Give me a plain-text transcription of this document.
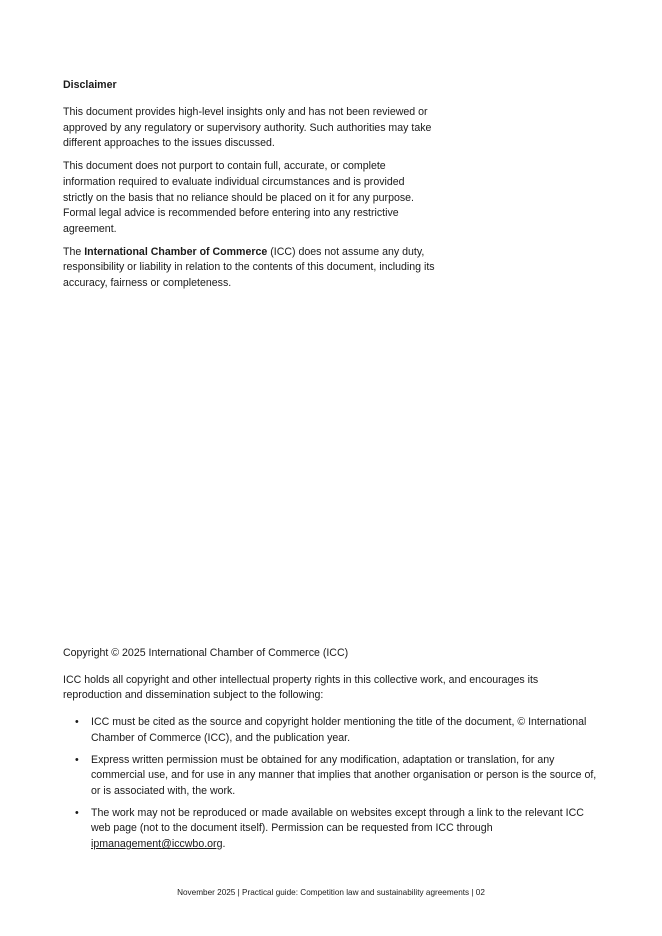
Disclaimer

This document provides high-level insights only and has not been reviewed or approved by any regulatory or supervisory authority. Such authorities may take different approaches to the issues discussed.

This document does not purport to contain full, accurate, or complete information required to evaluate individual circumstances and is provided strictly on the basis that no reliance should be placed on it for any purpose. Formal legal advice is recommended before entering into any restrictive agreement.

The International Chamber of Commerce (ICC) does not assume any duty, responsibility or liability in relation to the contents of this document, including its accuracy, fairness or completeness.

Copyright © 2025 International Chamber of Commerce (ICC)

ICC holds all copyright and other intellectual property rights in this collective work, and encourages its reproduction and dissemination subject to the following:

• ICC must be cited as the source and copyright holder mentioning the title of the document, © International Chamber of Commerce (ICC), and the publication year.
• Express written permission must be obtained for any modification, adaptation or translation, for any commercial use, and for use in any manner that implies that another organisation or person is the source of, or is associated with, the work.
• The work may not be reproduced or made available on websites except through a link to the relevant ICC web page (not to the document itself). Permission can be requested from ICC through ipmanagement@iccwbo.org.
November 2025 | Practical guide: Competition law and sustainability agreements | 02
